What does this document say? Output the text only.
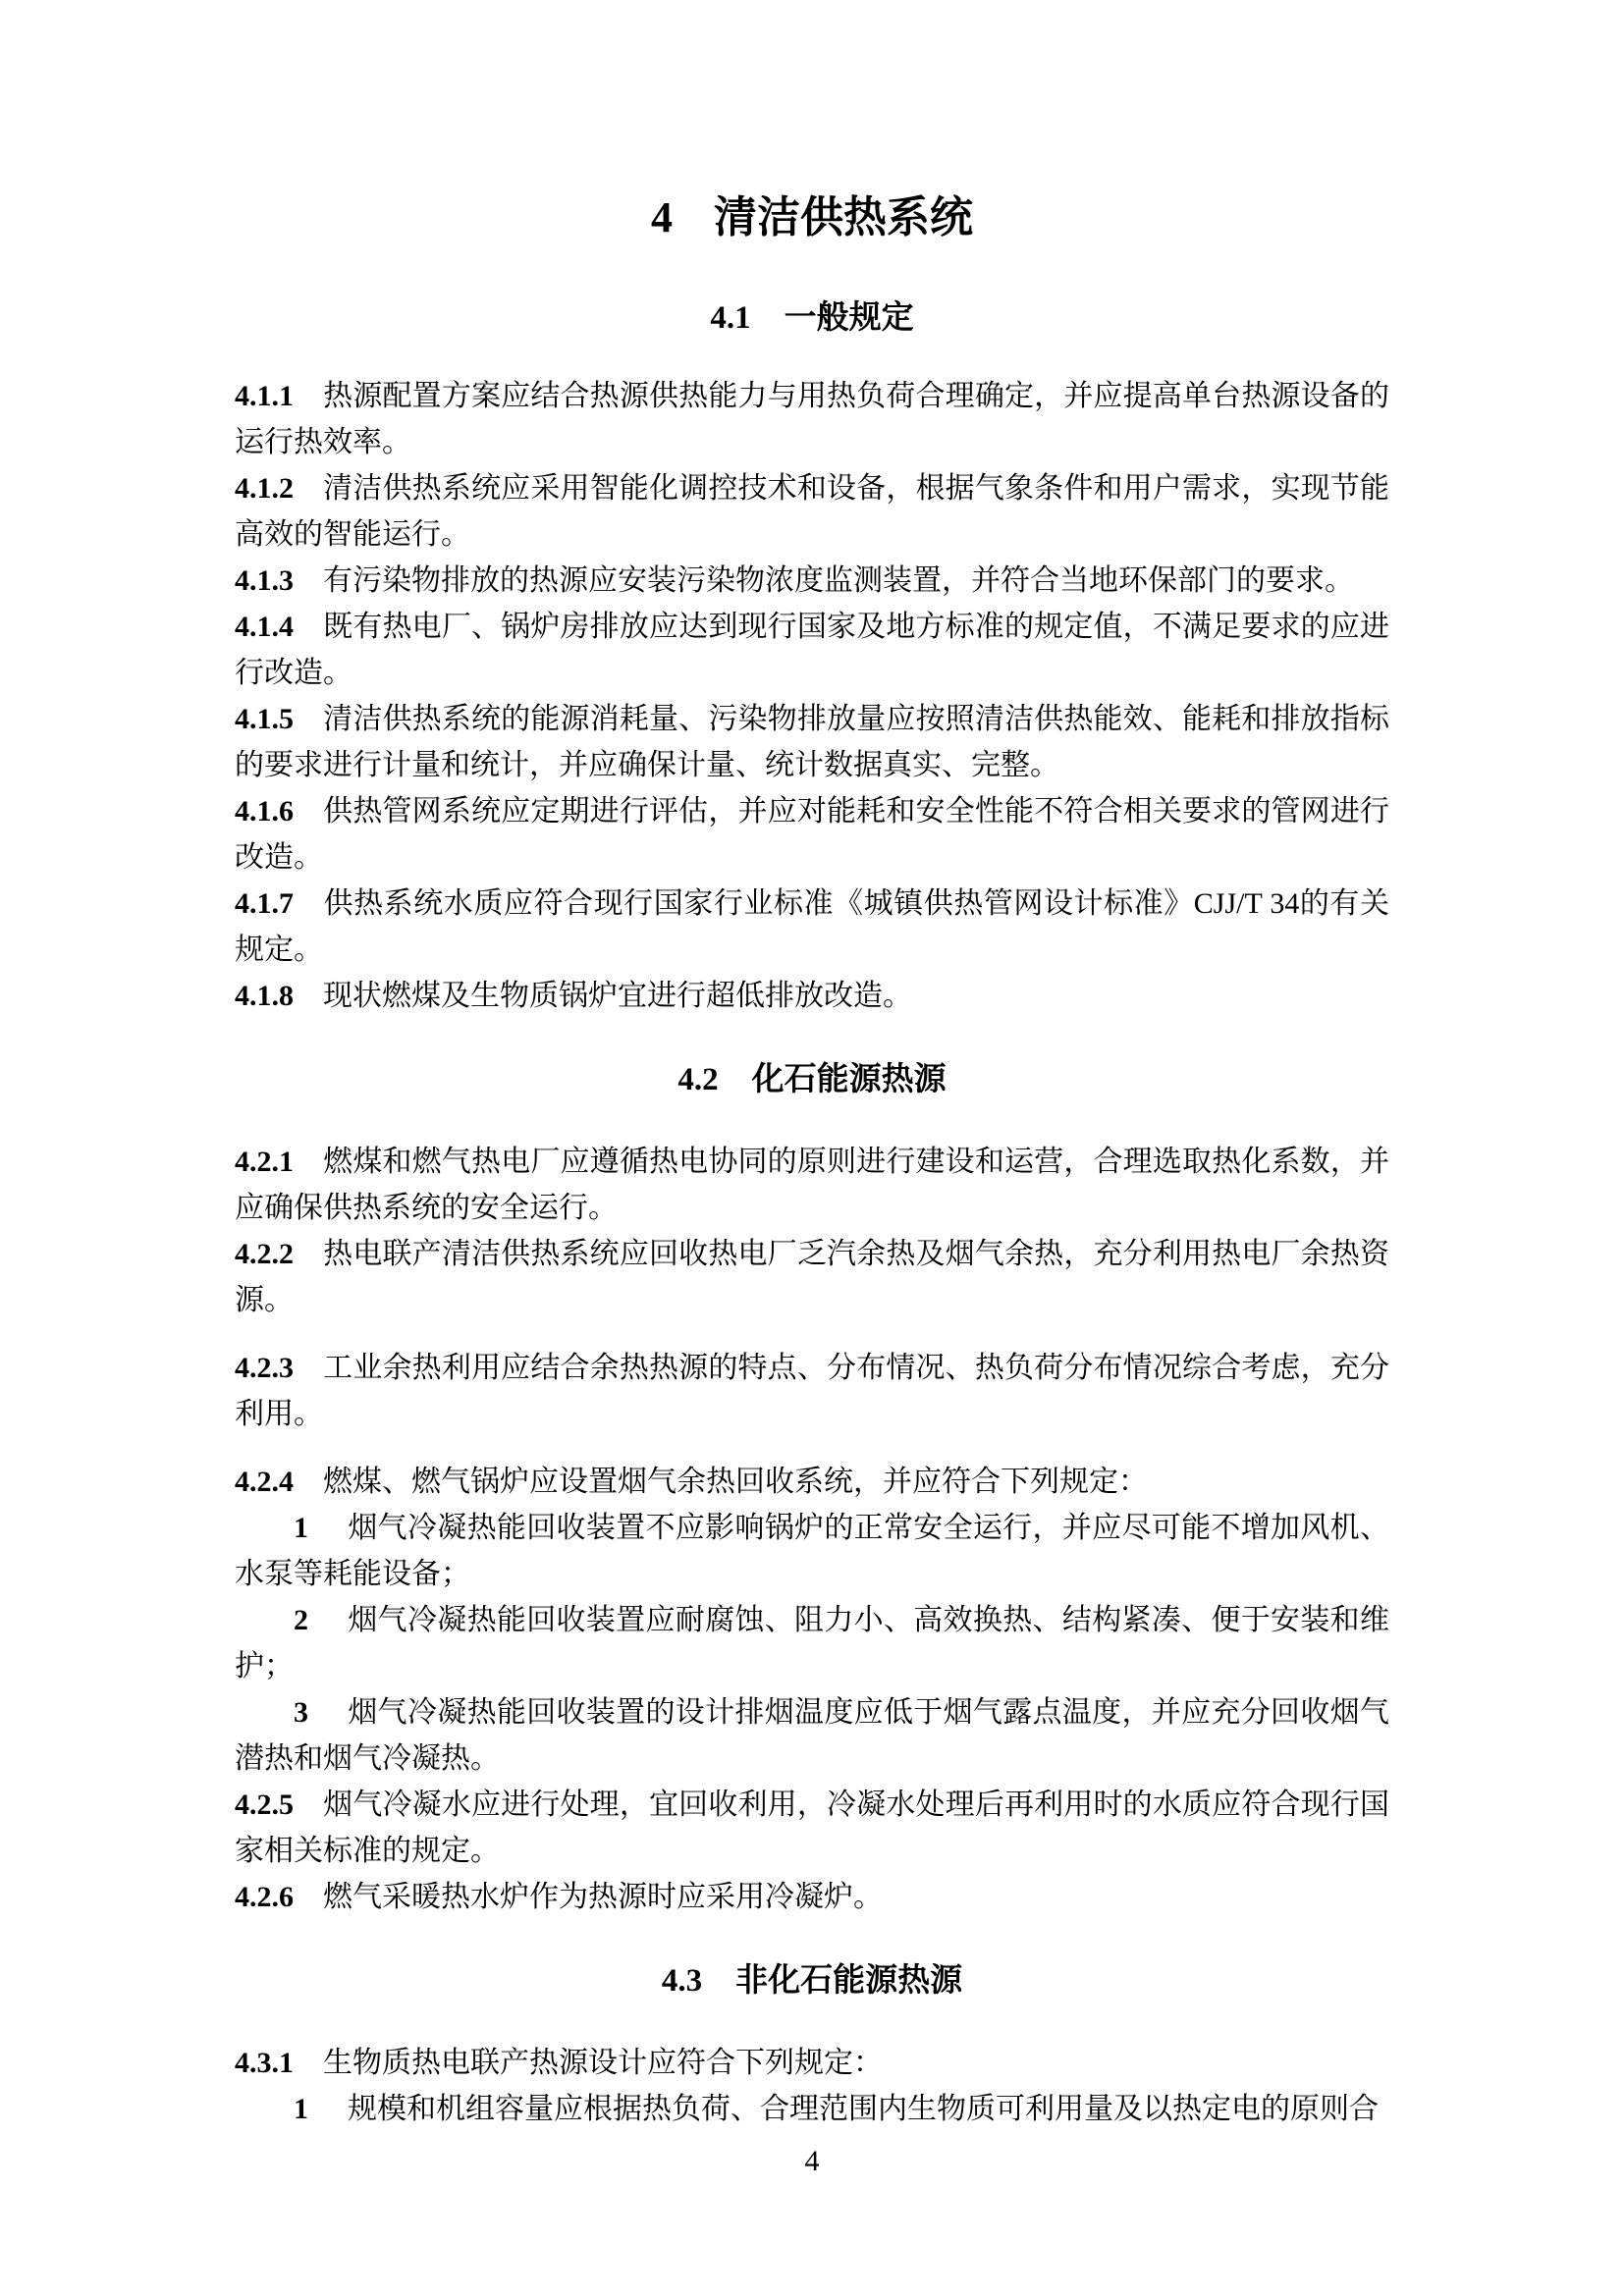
4 清洁供热系统
4.1 一般规定

4.1.1 热源配置方案应结合热源供热能力与用热负荷合理确定，并应提高单台热源设备的运行热效率。

4.1.2 清洁供热系统应采用智能化调控技术和设备，根据气象条件和用户需求，实现节能高效的智能运行。

4.1.3 有污染物排放的热源应安装污染物浓度监测装置，并符合当地环保部门的要求。

4.1.4 既有热电厂、锅炉房排放应达到现行国家及地方标准的规定值，不满足要求的应进行改造。

4.1.5 清洁供热系统的能源消耗量、污染物排放量应按照清洁供热能效、能耗和排放指标的要求进行计量和统计，并应确保计量、统计数据真实、完整。

4.1.6 供热管网系统应定期进行评估，并应对能耗和安全性能不符合相关要求的管网进行改造。

4.1.7 供热系统水质应符合现行国家行业标准《城镇供热管网设计标准》CJJ/T 34的有关规定。

4.1.8 现状燃煤及生物质锅炉宜进行超低排放改造。

4.2 化石能源热源

4.2.1 燃煤和燃气热电厂应遵循热电协同的原则进行建设和运营，合理选取热化系数，并应确保供热系统的安全运行。

4.2.2 热电联产清洁供热系统应回收热电厂乏汽余热及烟气余热，充分利用热电厂余热资源。

4.2.3 工业余热利用应结合余热热源的特点、分布情况、热负荷分布情况综合考虑，充分利用。

4.2.4 燃煤、燃气锅炉应设置烟气余热回收系统，并应符合下列规定：

1 烟气冷凝热能回收装置不应影响锅炉的正常安全运行，并应尽可能不增加风机、水泵等耗能设备；

2 烟气冷凝热能回收装置应耐腐蚀、阻力小、高效换热、结构紧凑、便于安装和维护；

3 烟气冷凝热能回收装置的设计排烟温度应低于烟气露点温度，并应充分回收烟气潜热和烟气冷凝热。

4.2.5 烟气冷凝水应进行处理，宜回收利用，冷凝水处理后再利用时的水质应符合现行国家相关标准的规定。

4.2.6 燃气采暖热水炉作为热源时应采用冷凝炉。

4.3 非化石能源热源

4.3.1 生物质热电联产热源设计应符合下列规定：

1 规模和机组容量应根据热负荷、合理范围内生物质可利用量及以热定电的原则合

4
